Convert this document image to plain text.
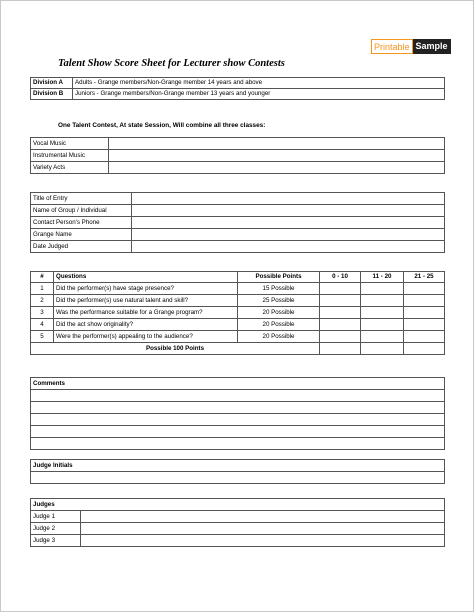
Printable Sample
Talent Show Score Sheet for Lecturer show Contests
Division A	Adults - Grange members/Non-Grange member 14 years and above
Division B	Juniors - Grange members/Non-Grange member 13 years and younger
One Talent Contest, At state Session, Will combine all three classes:
Vocal Music	
Instrumental Music	
Variety Acts	
Title of Entry	
Name of Group / Individual	
Contact Person's Phone	
Grange Name	
Date Judged	
#	Questions	Possible Points	0 - 10	11 - 20	21 - 25
1	Did the performer(s) have stage presence?	15 Possible			
2	Did the performer(s) use natural talent and skill?	25 Possible			
3	Was the performance suitable for a Grange program?	20 Possible			
4	Did the act show originality?	20 Possible			
5	Were the performer(s) appealing to the audience?	20 Possible			
Possible 100 Points					
Comments

Judge Initials

Judges	
Judge 1	
Judge 2	
Judge 3	
